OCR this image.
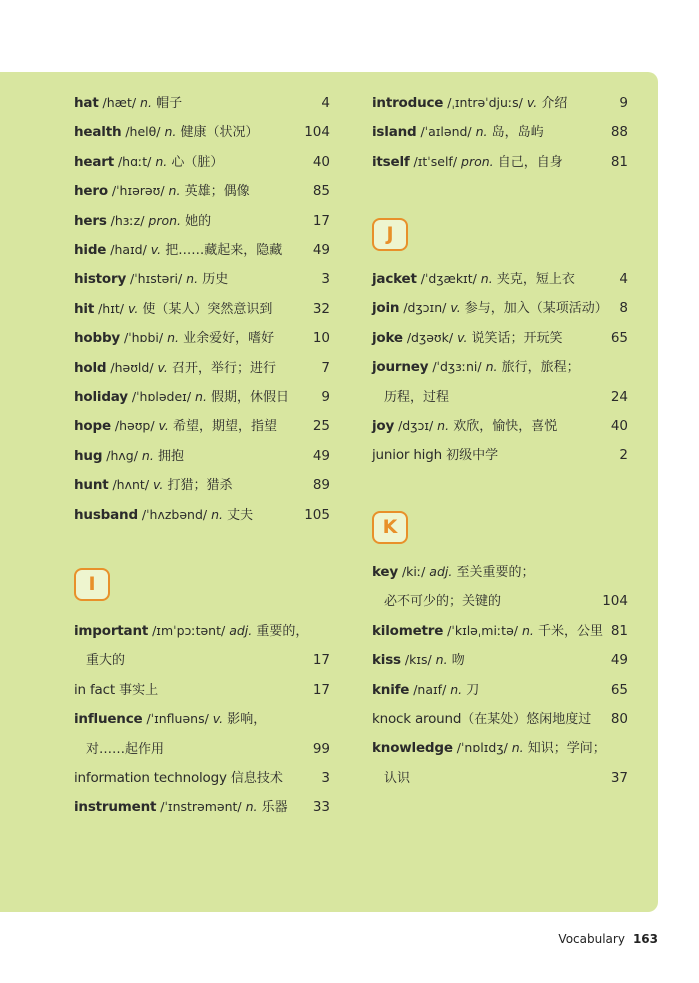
hat /hæt/ n. 帽子	4
health /helθ/ n. 健康（状况）	104
heart /hɑːt/ n. 心（脏）	40
hero /ˈhɪərəʊ/ n. 英雄；偶像	85
hers /hɜːz/ pron. 她的	17
hide /haɪd/ v. 把……藏起来，隐藏 49
history /ˈhɪstəri/ n. 历史	3
hit /hɪt/ v. 使（某人）突然意识到	32
hobby /ˈhɒbi/ n. 业余爱好，嗜好	10
hold /həʊld/ v. 召开，举行；进行	7
holiday /ˈhɒlədeɪ/ n. 假期，休假日 9
hope /həʊp/ v. 希望，期望，指望	25
hug /hʌg/ n. 拥抱	49
hunt /hʌnt/ v. 打猎；猎杀	89
husband /ˈhʌzbənd/ n. 丈夫	105
I
important /ɪmˈpɔːtənt/ adj. 重要的，
重大的	17
in fact 事实上	17
influence /ˈɪnfluəns/ v. 影响，
对……起作用	99
information technology 信息技术	3
instrument /ˈɪnstrəmənt/ n. 乐器 33
introduce /ˌɪntrəˈdjuːs/ v. 介绍	9
island /ˈaɪlənd/ n. 岛，岛屿	88
itself /ɪtˈself/ pron. 自己，自身	81
J
jacket /ˈdʒækɪt/ n. 夹克，短上衣	4
join /dʒɔɪn/ v. 参与，加入（某项活动） 8
joke /dʒəʊk/ v. 说笑话；开玩笑	65
journey /ˈdʒɜːni/ n. 旅行，旅程；
历程，过程	24
joy /dʒɔɪ/ n. 欢欣，愉快，喜悦	40
junior high 初级中学	2
K
key /kiː/ adj. 至关重要的；
必不可少的；关键的	104
kilometre /ˈkɪləˌmiːtə/ n. 千米，公里 81
kiss /kɪs/ n. 吻	49
knife /naɪf/ n. 刀	65
knock around（在某处）悠闲地度过 80
knowledge /ˈnɒlɪdʒ/ n. 知识；学问；
认识	37
Vocabulary 163
